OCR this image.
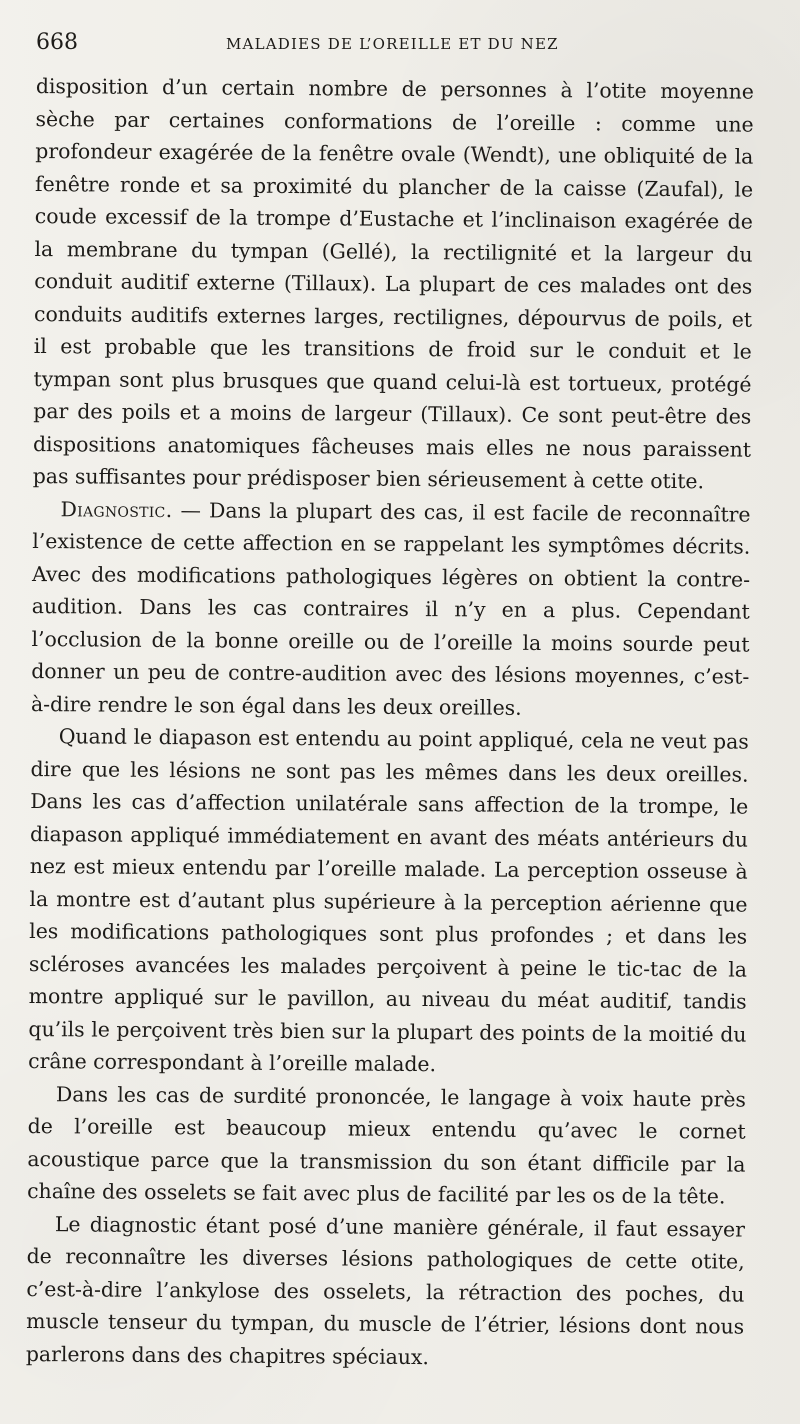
668	MALADIES DE L’OREILLE ET DU NEZ

disposition d’un certain nombre de personnes à l’otite moyenne sèche par certaines conformations de l’oreille : comme une profondeur exagérée de la fenêtre ovale (Wendt), une obliquité de la fenêtre ronde et sa proximité du plancher de la caisse (Zaufal), le coude excessif de la trompe d’Eustache et l’inclinaison exagérée de la membrane du tympan (Gellé), la rectilignité et la largeur du conduit auditif externe (Tillaux). La plupart de ces malades ont des conduits auditifs externes larges, rectilignes, dépourvus de poils, et il est probable que les transitions de froid sur le conduit et le tympan sont plus brusques que quand celui-là est tortueux, protégé par des poils et a moins de largeur (Tillaux). Ce sont peut-être des dispositions anatomiques fâcheuses mais elles ne nous paraissent pas suffisantes pour prédisposer bien sérieusement à cette otite.

Diagnostic. — Dans la plupart des cas, il est facile de reconnaître l’existence de cette affection en se rappelant les symptômes décrits. Avec des modifications pathologiques légères on obtient la contre-audition. Dans les cas contraires il n’y en a plus. Cependant l’occlusion de la bonne oreille ou de l’oreille la moins sourde peut donner un peu de contre-audition avec des lésions moyennes, c’est-à-dire rendre le son égal dans les deux oreilles.

Quand le diapason est entendu au point appliqué, cela ne veut pas dire que les lésions ne sont pas les mêmes dans les deux oreilles. Dans les cas d’affection unilatérale sans affection de la trompe, le diapason appliqué immédiatement en avant des méats antérieurs du nez est mieux entendu par l’oreille malade. La perception osseuse à la montre est d’autant plus supérieure à la perception aérienne que les modifications pathologiques sont plus profondes ; et dans les scléroses avancées les malades perçoivent à peine le tic-tac de la montre appliqué sur le pavillon, au niveau du méat auditif, tandis qu’ils le perçoivent très bien sur la plupart des points de la moitié du crâne correspondant à l’oreille malade.

Dans les cas de surdité prononcée, le langage à voix haute près de l’oreille est beaucoup mieux entendu qu’avec le cornet acoustique parce que la transmission du son étant difficile par la chaîne des osselets se fait avec plus de facilité par les os de la tête.

Le diagnostic étant posé d’une manière générale, il faut essayer de reconnaître les diverses lésions pathologiques de cette otite, c’est-à-dire l’ankylose des osselets, la rétraction des poches, du muscle tenseur du tympan, du muscle de l’étrier, lésions dont nous parlerons dans des chapitres spéciaux.
